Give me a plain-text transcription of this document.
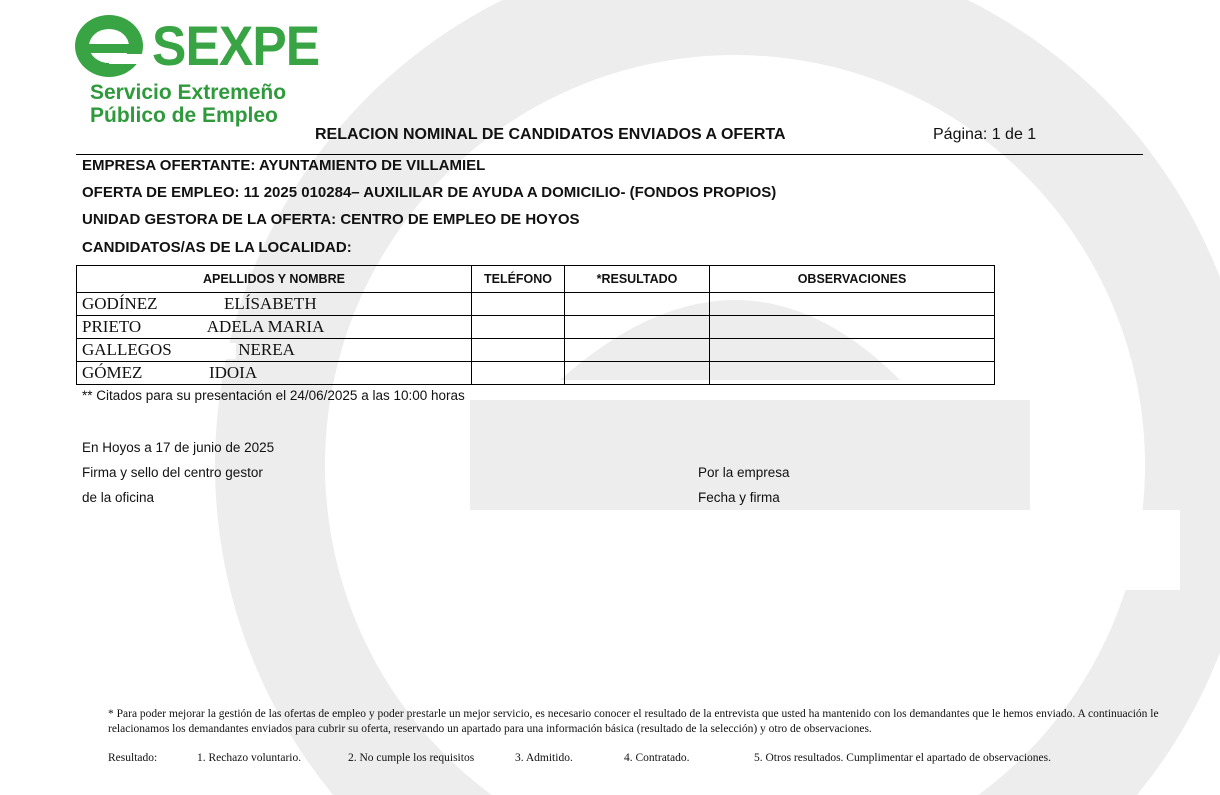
SEXPE
Servicio Extremeño
Público de Empleo
RELACION NOMINAL DE CANDIDATOS ENVIADOS A OFERTA	Página: 1 de 1
EMPRESA OFERTANTE: AYUNTAMIENTO DE VILLAMIEL
OFERTA DE EMPLEO: 11 2025 010284– AUXILILAR DE AYUDA A DOMICILIO- (FONDOS PROPIOS)
UNIDAD GESTORA DE LA OFERTA: CENTRO DE EMPLEO DE HOYOS
CANDIDATOS/AS DE LA LOCALIDAD:
APELLIDOS Y NOMBRE	TELÉFONO	*RESULTADO	OBSERVACIONES
GODÍNEZ ELÍSABETH			
PRIETO ADELA MARIA			
GALLEGOS NEREA			
GÓMEZ IDOIA			
** Citados para su presentación el 24/06/2025 a las 10:00 horas
En Hoyos a 17 de junio de 2025
Firma y sello del centro gestor
de la oficina
Por la empresa
Fecha y firma
* Para poder mejorar la gestión de las ofertas de empleo y poder prestarle un mejor servicio, es necesario conocer el resultado de la entrevista que usted ha mantenido con los demandantes que le hemos enviado. A continuación le relacionamos los demandantes enviados para cubrir su oferta, reservando un apartado para una información básica (resultado de la selección) y otro de observaciones.
Resultado:	1. Rechazo voluntario.	2. No cumple los requisitos	3. Admitido.	4. Contratado.	5. Otros resultados. Cumplimentar el apartado de observaciones.
